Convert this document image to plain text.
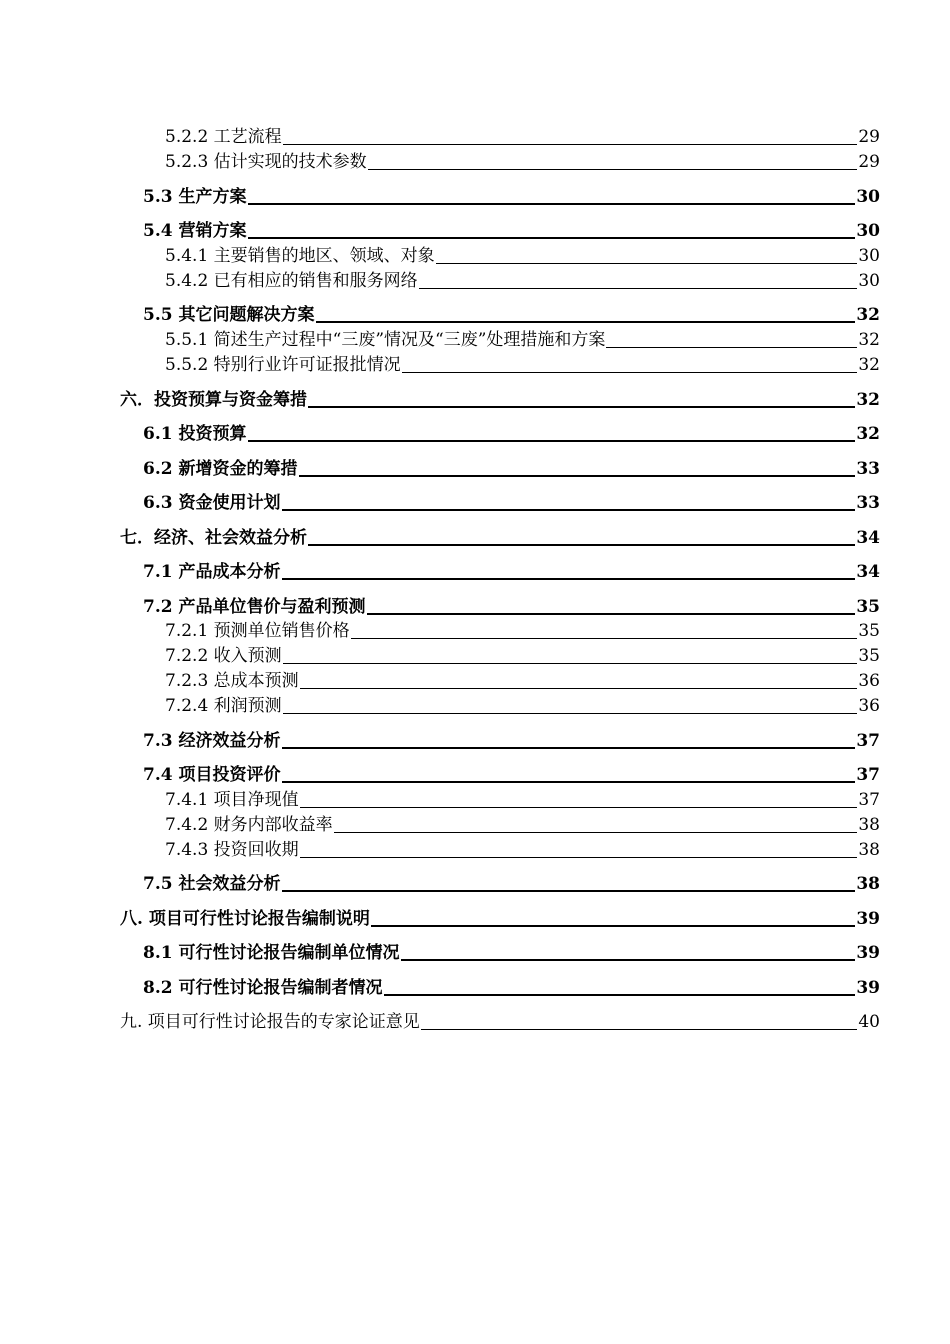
5.2.2 工艺流程	29
5.2.3 估计实现的技术参数	29
5.3 生产方案	30
5.4 营销方案	30
5.4.1 主要销售的地区、领域、对象	30
5.4.2 已有相应的销售和服务网络	30
5.5 其它问题解决方案	32
5.5.1 简述生产过程中“三废”情况及“三废”处理措施和方案	32
5.5.2 特别行业许可证报批情况	32
六．投资预算与资金筹措	32
6.1 投资预算	32
6.2 新增资金的筹措	33
6.3 资金使用计划	33
七．经济、社会效益分析	34
7.1 产品成本分析	34
7.2 产品单位售价与盈利预测	35
7.2.1 预测单位销售价格	35
7.2.2 收入预测	35
7.2.3 总成本预测	36
7.2.4 利润预测	36
7.3 经济效益分析	37
7.4 项目投资评价	37
7.4.1 项目净现值	37
7.4.2 财务内部收益率	38
7.4.3 投资回收期	38
7.5 社会效益分析	38
八. 项目可行性讨论报告编制说明	39
8.1 可行性讨论报告编制单位情况	39
8.2 可行性讨论报告编制者情况	39
九. 项目可行性讨论报告的专家论证意见	40
